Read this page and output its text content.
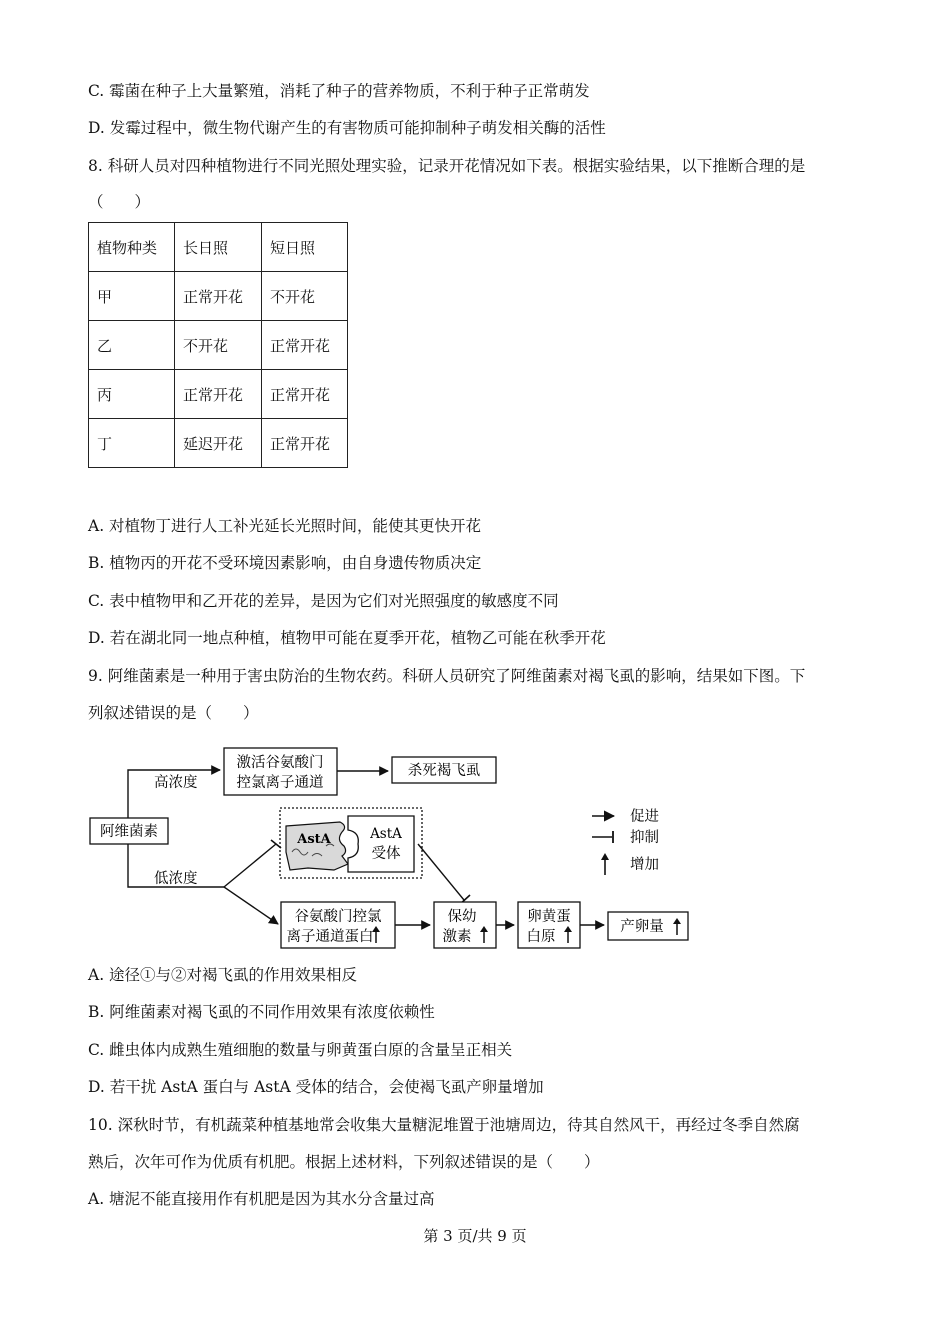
C. 霉菌在种子上大量繁殖，消耗了种子的营养物质，不利于种子正常萌发
D. 发霉过程中，微生物代谢产生的有害物质可能抑制种子萌发相关酶的活性
8. 科研人员对四种植物进行不同光照处理实验，记录开花情况如下表。根据实验结果，以下推断合理的是
（　　）
植物种类	长日照	短日照
甲	正常开花	不开花
乙	不开花	正常开花
丙	正常开花	正常开花
丁	延迟开花	正常开花
A. 对植物丁进行人工补光延长光照时间，能使其更快开花
B. 植物丙的开花不受环境因素影响，由自身遗传物质决定
C. 表中植物甲和乙开花的差异，是因为它们对光照强度的敏感度不同
D. 若在湖北同一地点种植，植物甲可能在夏季开花，植物乙可能在秋季开花
9. 阿维菌素是一种用于害虫防治的生物农药。科研人员研究了阿维菌素对褐飞虱的影响，结果如下图。下
列叙述错误的是（　　）
阿维菌素
高浓度
低浓度
激活谷氨酸门
控氯离子通道
杀死褐飞虱
AstA	AstA
受体
谷氨酸门控氯
离子通道蛋白
保幼
激素
卵黄蛋
白原
产卵量
促进
抑制
增加
A. 途径①与②对褐飞虱的作用效果相反
B. 阿维菌素对褐飞虱的不同作用效果有浓度依赖性
C. 雌虫体内成熟生殖细胞的数量与卵黄蛋白原的含量呈正相关
D. 若干扰 AstA 蛋白与 AstA 受体的结合，会使褐飞虱产卵量增加
10. 深秋时节，有机蔬菜种植基地常会收集大量糖泥堆置于池塘周边，待其自然风干，再经过冬季自然腐
熟后，次年可作为优质有机肥。根据上述材料，下列叙述错误的是（　　）
A. 塘泥不能直接用作有机肥是因为其水分含量过高
第 3 页/共 9 页
